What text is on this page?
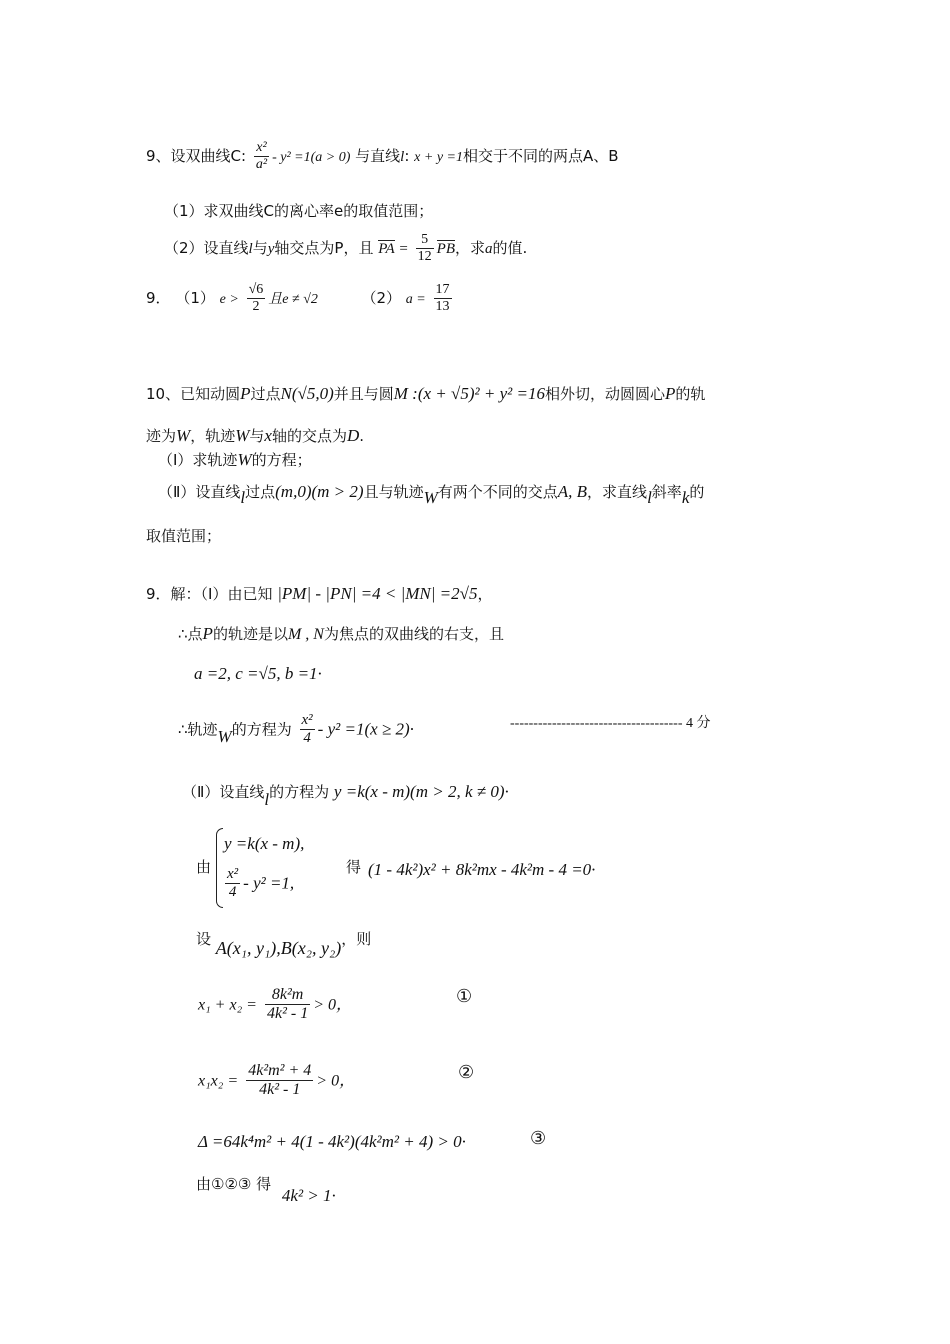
9、设双曲线C: $\frac{\text{x²}}{\text{a²}} - y^2 =1(a > 0)$ 与直线l: x + y =1相交于不同的两点A、B
（1）求双曲线C的离心率e的取值范围；
（2）设直线l与y轴交点为P，且 PA = $\frac{5}{12}$ PB，求a的值.
9． （1） $e > \frac{√6}{2}$ 且e ≠ √2	（2） $a = \frac{17}{13}$
10、已知动圆P过点N(√5,0)并且与圆M :(x + √5)² + y² =16相外切，动圆圆心P的轨
迹为W，轨迹W与x轴的交点为D.
（Ⅰ）求轨迹W的方程；
（Ⅱ）设直线l过点(m,0)(m > 2)且与轨迹W有两个不同的交点A, B，求直线l斜率k的
取值范围；
9．解：（Ⅰ）由已知 |PM| - |PN| =4 < |MN| =2√5，
∴点P的轨迹是以M , N为焦点的双曲线的右支，且
a =2, c =√5, b =1·
∴轨迹W的方程为 $\frac{\text{x²}}{4} - y^2 =1(x \ge 2)\cdot$	------------------------------------- 4 分
（Ⅱ）设直线l的方程为 y =k(x - m)(m > 2, k ≠ 0)·
由
y =k(x - m),
$\frac{\text{x²}}{4} - y^2 =1$,
得 (1 - 4k²)x² + 8k²mx - 4k²m - 4 =0·
设 A(x₁, y₁),B(x₂, y₂)，则
$x_1 + x_2 = \frac{\text{8k²m}}{\text{4k² - 1}} > 0$，	①
$x_1x_2 = \frac{\text{4k²m² + 4}}{\text{4k² - 1}} > 0$，	②
Δ =64k⁴m² + 4(1 - 4k²)(4k²m² + 4) > 0·	③
由①②③ 得 4k² > 1·
